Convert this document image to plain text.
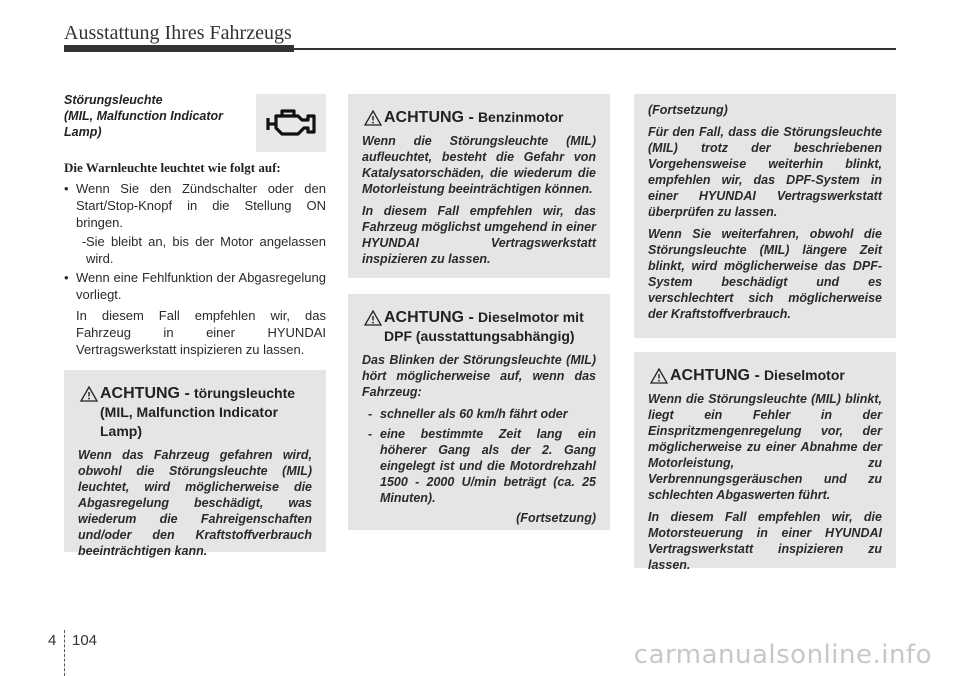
Ausstattung Ihres Fahrzeugs
Störungsleuchte
(MIL, Malfunction Indicator
Lamp)
Die Warnleuchte leuchtet wie folgt auf:
• Wenn Sie den Zündschalter oder den Start/Stop-Knopf in die Stellung ON bringen.
- Sie bleibt an, bis der Motor angelassen wird.
• Wenn eine Fehlfunktion der Abgasregelung vorliegt.
In diesem Fall empfehlen wir, das Fahrzeug in einer HYUNDAI Vertragswerkstatt inspizieren zu lassen.
ACHTUNG - törungsleuchte (MIL, Malfunction Indicator Lamp)

Wenn das Fahrzeug gefahren wird, obwohl die Störungsleuchte (MIL) leuchtet, wird möglicherweise die Abgasregelung beschädigt, was wiederum die Fahreigenschaften und/oder den Kraftstoffverbrauch beeinträchtigen kann.

ACHTUNG - Benzinmotor

Wenn die Störungsleuchte (MIL) aufleuchtet, besteht die Gefahr von Katalysatorschäden, die wiederum die Motorleistung beeinträchtigen können.

In diesem Fall empfehlen wir, das Fahrzeug möglichst umgehend in einer HYUNDAI Vertragswerkstatt inspizieren zu lassen.

ACHTUNG - Dieselmotor mit DPF (ausstattungsabhängig)

Das Blinken der Störungsleuchte (MIL) hört möglicherweise auf, wenn das Fahrzeug:

- schneller als 60 km/h fährt oder
- eine bestimmte Zeit lang ein höherer Gang als der 2. Gang eingelegt ist und die Motordrehzahl 1500 - 2000 U/min beträgt (ca. 25 Minuten).
(Fortsetzung)

(Fortsetzung)

Für den Fall, dass die Störungsleuchte (MIL) trotz der beschriebenen Vorgehensweise weiterhin blinkt, empfehlen wir, das DPF-System in einer HYUNDAI Vertragswerkstatt überprüfen zu lassen.

Wenn Sie weiterfahren, obwohl die Störungsleuchte (MIL) längere Zeit blinkt, wird möglicherweise das DPF-System beschädigt und es verschlechtert sich möglicherweise der Kraftstoffverbrauch.

ACHTUNG - Dieselmotor

Wenn die Störungsleuchte (MIL) blinkt, liegt ein Fehler in der Einspritzmengenregelung vor, der möglicherweise zu einer Abnahme der Motorleistung, zu Verbrennungsgeräuschen und zu schlechten Abgaswerten führt.

In diesem Fall empfehlen wir, die Motorsteuerung in einer HYUNDAI Vertragswerkstatt inspizieren zu lassen.

4 104	carmanualsonline.info
